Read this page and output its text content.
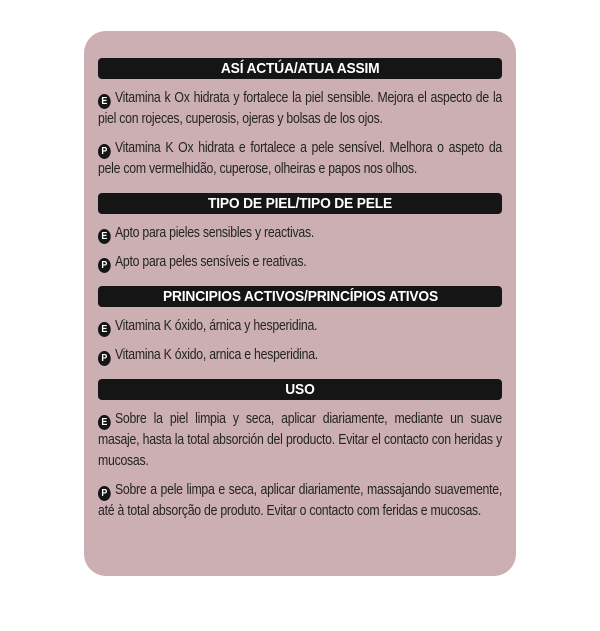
ASÍ ACTÚA/ATUA ASSIM

E Vitamina k Ox hidrata y fortalece la piel sensible. Mejora el aspecto de la piel con rojeces, cuperosis, ojeras y bolsas de los ojos.

P Vitamina K Ox hidrata e fortalece a pele sensível. Melhora o aspeto da pele com vermelhidão, cuperose, olheiras e papos nos olhos.

TIPO DE PIEL/TIPO DE PELE

E Apto para pieles sensibles y reactivas.

P Apto para peles sensíveis e reativas.

PRINCIPIOS ACTIVOS/PRINCÍPIOS ATIVOS

E Vitamina K óxido, árnica y hesperidina.

P Vitamina K óxido, arnica e hesperidina.

USO

E Sobre la piel limpia y seca, aplicar diariamente, mediante un suave masaje, hasta la total absorción del producto. Evitar el contacto con heridas y mucosas.

P Sobre a pele limpa e seca, aplicar diariamente, massajando suavemente, até à total absorção de produto. Evitar o contacto com feridas e mucosas.
